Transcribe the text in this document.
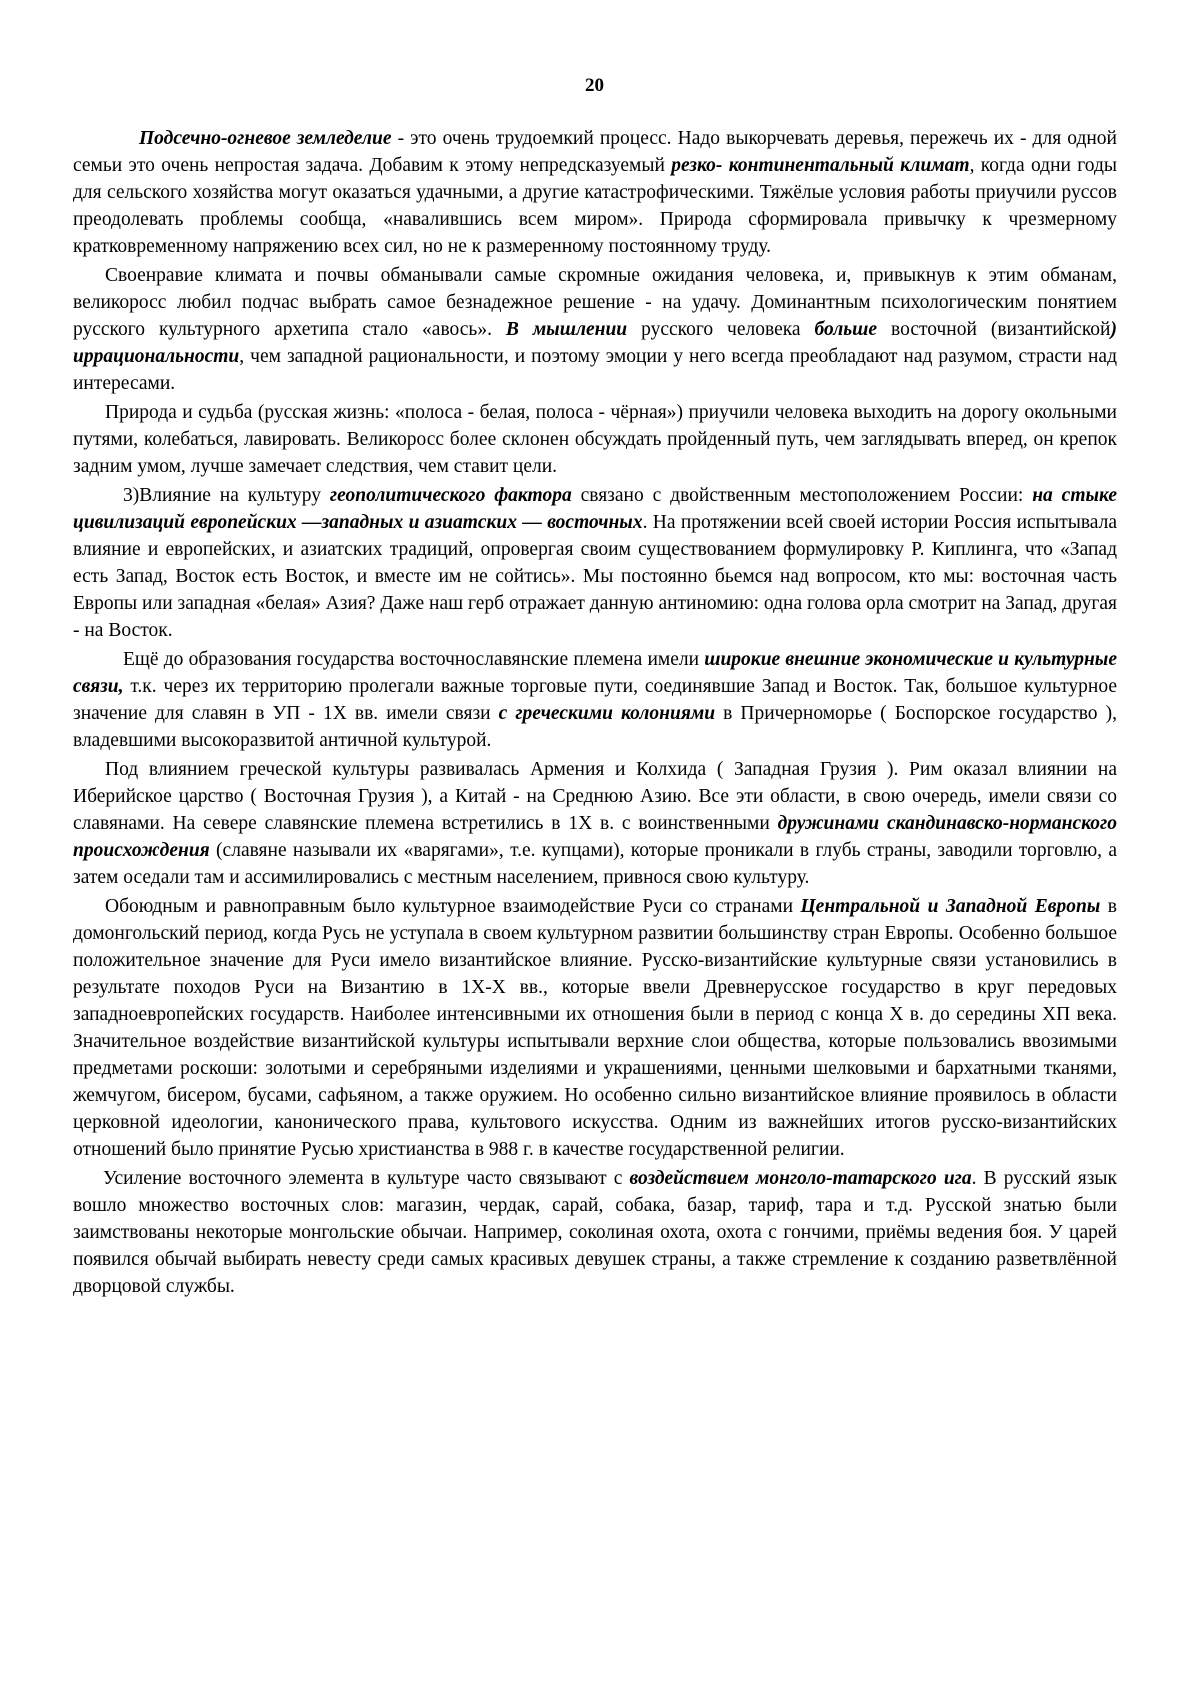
20

Подсечно-огневое земледелие - это очень трудоемкий процесс. Надо выкорчевать деревья, пережечь их - для одной семьи это очень непростая задача. Добавим к этому непредсказуемый резко- континентальный климат, когда одни годы для сельского хозяйства могут оказаться удачными, а другие катастрофическими. Тяжёлые условия работы приучили руссов преодолевать проблемы сообща, «навалившись всем миром». Природа сформировала привычку к чрезмерному кратковременному напряжению всех сил, но не к размеренному постоянному труду.

Своенравие климата и почвы обманывали самые скромные ожидания человека, и, привыкнув к этим обманам, великоросс любил подчас выбрать самое безнадежное решение - на удачу. Доминантным психологическим понятием русского культурного архетипа стало «авось». В мышлении русского человека больше восточной (византийской) иррациональности, чем западной рациональности, и поэтому эмоции у него всегда преобладают над разумом, страсти над интересами.

Природа и судьба (русская жизнь: «полоса - белая, полоса - чёрная») приучили человека выходить на дорогу окольными путями, колебаться, лавировать. Великоросс более склонен обсуждать пройденный путь, чем заглядывать вперед, он крепок задним умом, лучше замечает следствия, чем ставит цели.

3)Влияние на культуру геополитического фактора связано с двойственным местоположением России: на стыке цивилизаций европейских —западных и азиатских — восточных. На протяжении всей своей истории Россия испытывала влияние и европейских, и азиатских традиций, опровергая своим существованием формулировку Р. Киплинга, что «Запад есть Запад, Восток есть Восток, и вместе им не сойтись». Мы постоянно бьемся над вопросом, кто мы: восточная часть Европы или западная «белая» Азия? Даже наш герб отражает данную антиномию: одна голова орла смотрит на Запад, другая - на Восток.

Ещё до образования государства восточнославянские племена имели широкие внешние экономические и культурные связи, т.к. через их территорию пролегали важные торговые пути, соединявшие Запад и Восток. Так, большое культурное значение для славян в УП - 1Х вв. имели связи с греческими колониями в Причерноморье ( Боспорское государство ), владевшими высокоразвитой античной культурой.

Под влиянием греческой культуры развивалась Армения и Колхида ( Западная Грузия ). Рим оказал влиянии на Иберийское царство ( Восточная Грузия ), а Китай - на Среднюю Азию. Все эти области, в свою очередь, имели связи со славянами. На севере славянские племена встретились в 1Х в. с воинственными дружинами скандинавско-норманского происхождения (славяне называли их «варягами», т.е. купцами), которые проникали в глубь страны, заводили торговлю, а затем оседали там и ассимилировались с местным населением, привнося свою культуру.

Обоюдным и равноправным было культурное взаимодействие Руси со странами Центральной и Западной Европы в домонгольский период, когда Русь не уступала в своем культурном развитии большинству стран Европы. Особенно большое положительное значение для Руси имело византийское влияние. Русско-византийские культурные связи установились в результате походов Руси на Византию в 1Х-Х вв., которые ввели Древнерусское государство в круг передовых западноевропейских государств. Наиболее интенсивными их отношения были в период с конца Х в. до середины ХП века. Значительное воздействие византийской культуры испытывали верхние слои общества, которые пользовались ввозимыми предметами роскоши: золотыми и серебряными изделиями и украшениями, ценными шелковыми и бархатными тканями, жемчугом, бисером, бусами, сафьяном, а также оружием. Но особенно сильно византийское влияние проявилось в области церковной идеологии, канонического права, культового искусства. Одним из важнейших итогов русско-византийских отношений было принятие Русью христианства в 988 г. в качестве государственной религии.

Усиление восточного элемента в культуре часто связывают с воздействием монголо-татарского ига. В русский язык вошло множество восточных слов: магазин, чердак, сарай, собака, базар, тариф, тара и т.д. Русской знатью были заимствованы некоторые монгольские обычаи. Например, соколиная охота, охота с гончими, приёмы ведения боя. У царей появился обычай выбирать невесту среди самых красивых девушек страны, а также стремление к созданию разветвлённой дворцовой службы.
